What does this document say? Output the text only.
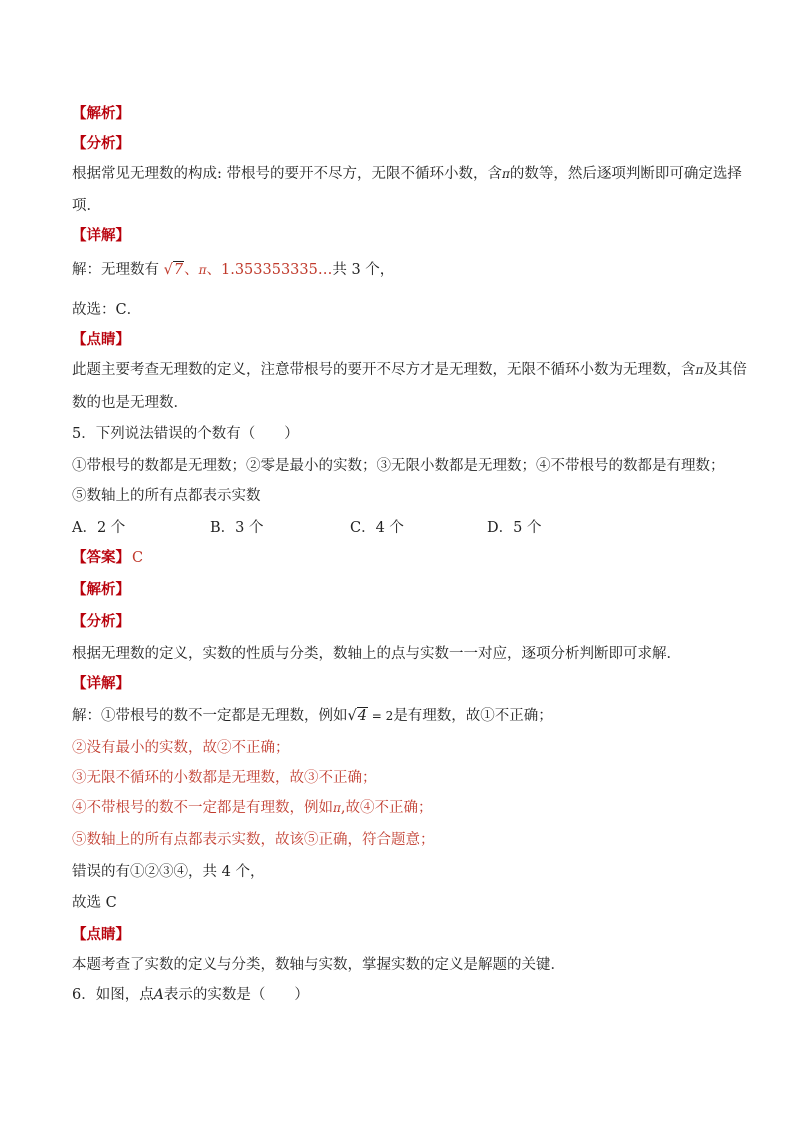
【解析】
【分析】
根据常见无理数的构成: 带根号的要开不尽方，无限不循环小数，含π的数等，然后逐项判断即可确定选择
项．
【详解】
解：无理数有 √7、π、1.353353335…共 3 个，
故选：C．
【点睛】
此题主要考查无理数的定义，注意带根号的要开不尽方才是无理数，无限不循环小数为无理数，含π及其倍
数的也是无理数．
5．下列说法错误的个数有（　　）
①带根号的数都是无理数；②零是最小的实数；③无限小数都是无理数；④不带根号的数都是有理数；
⑤数轴上的所有点都表示实数
A．2 个	B．3 个	C．4 个	D．5 个
【答案】 C
【解析】
【分析】
根据无理数的定义，实数的性质与分类，数轴上的点与实数一一对应，逐项分析判断即可求解．
【详解】
解：①带根号的数不一定都是无理数，例如√4 = 2是有理数，故①不正确；
②没有最小的实数，故②不正确；
③无限不循环的小数都是无理数，故③不正确；
④不带根号的数不一定都是有理数，例如π,故④不正确；
⑤数轴上的所有点都表示实数，故该⑤正确，符合题意；
错误的有①②③④，共 4 个，
故选 C
【点睛】
本题考查了实数的定义与分类，数轴与实数，掌握实数的定义是解题的关键．
6．如图，点A表示的实数是（　　）
